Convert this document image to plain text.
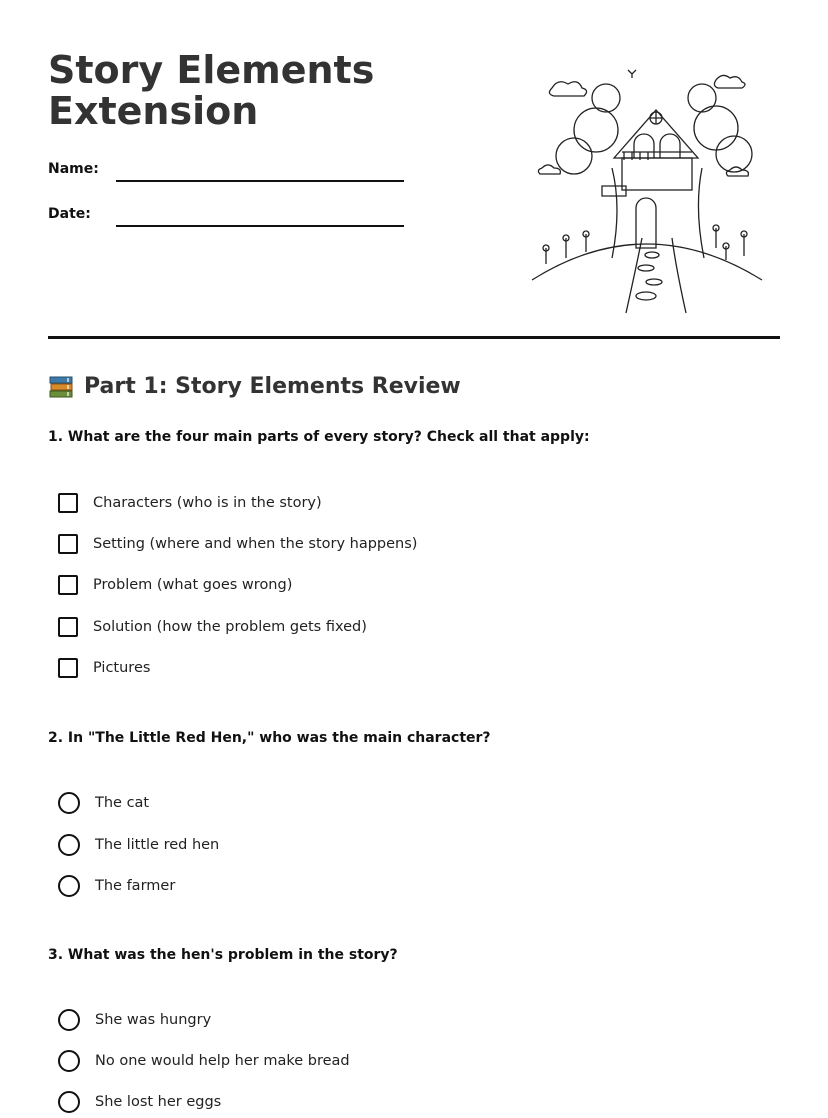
Story Elements
Extension
Name:
Date:
Part 1: Story Elements Review

1. What are the four main parts of every story? Check all that apply:

Characters (who is in the story)
Setting (where and when the story happens)
Problem (what goes wrong)
Solution (how the problem gets fixed)
Pictures

2. In "The Little Red Hen," who was the main character?

The cat
The little red hen
The farmer

3. What was the hen's problem in the story?

She was hungry
No one would help her make bread
She lost her eggs
